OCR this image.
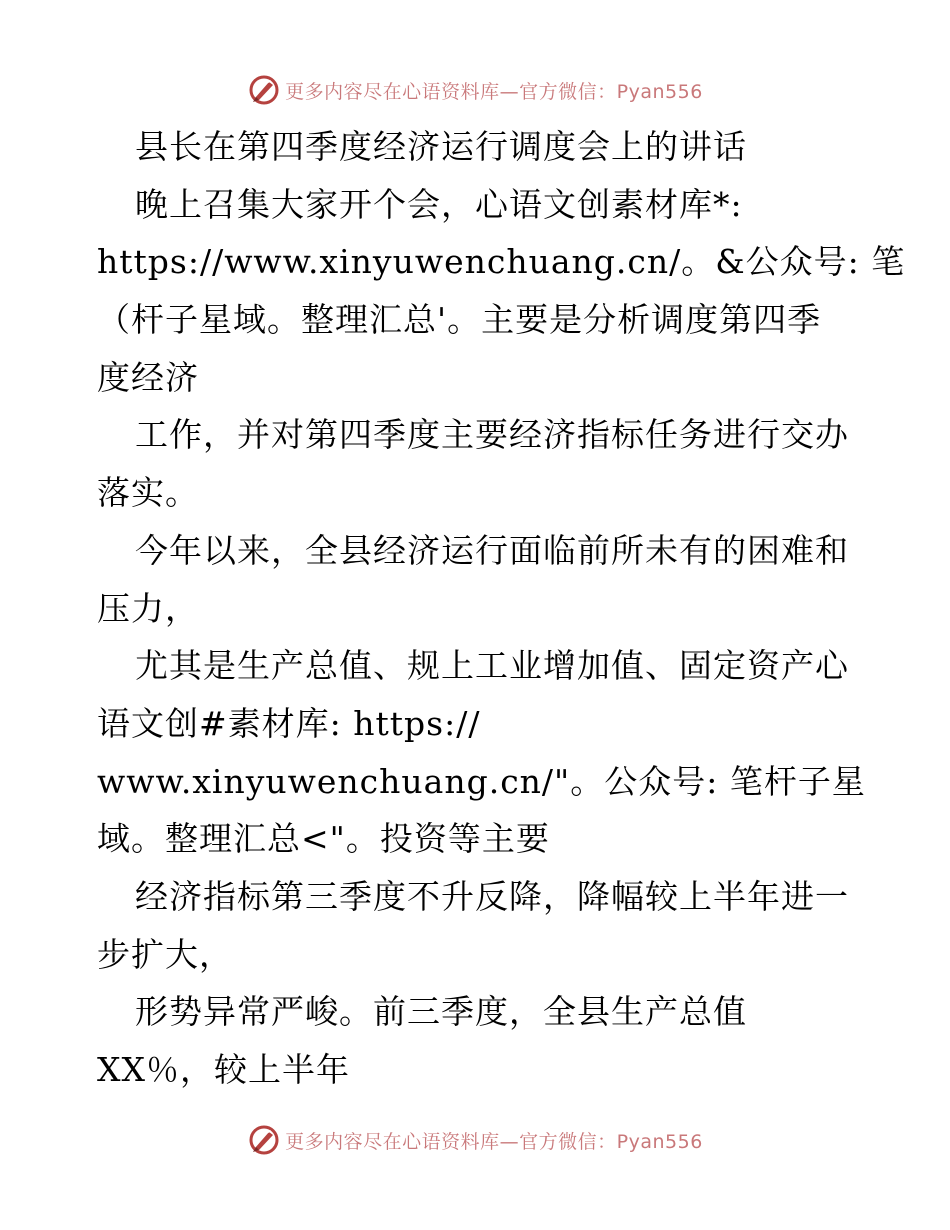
更多内容尽在心语资料库—官方微信：Pyan556
县长在第四季度经济运行调度会上的讲话
晚上召集大家开个会，心语文创素材库*:
https://www.xinyuwenchuang.cn/。&公众号: 笔
（杆子星域。整理汇总'。主要是分析调度第四季
度经济
工作，并对第四季度主要经济指标任务进行交办
落实。
今年以来，全县经济运行面临前所未有的困难和
压力，
尤其是生产总值、规上工业增加值、固定资产心
语文创#素材库: https://
www.xinyuwenchuang.cn/"。公众号: 笔杆子星
域。整理汇总<"。投资等主要
经济指标第三季度不升反降，降幅较上半年进一
步扩大，
形势异常严峻。前三季度，全县生产总值
XX％，较上半年
更多内容尽在心语资料库—官方微信：Pyan556
